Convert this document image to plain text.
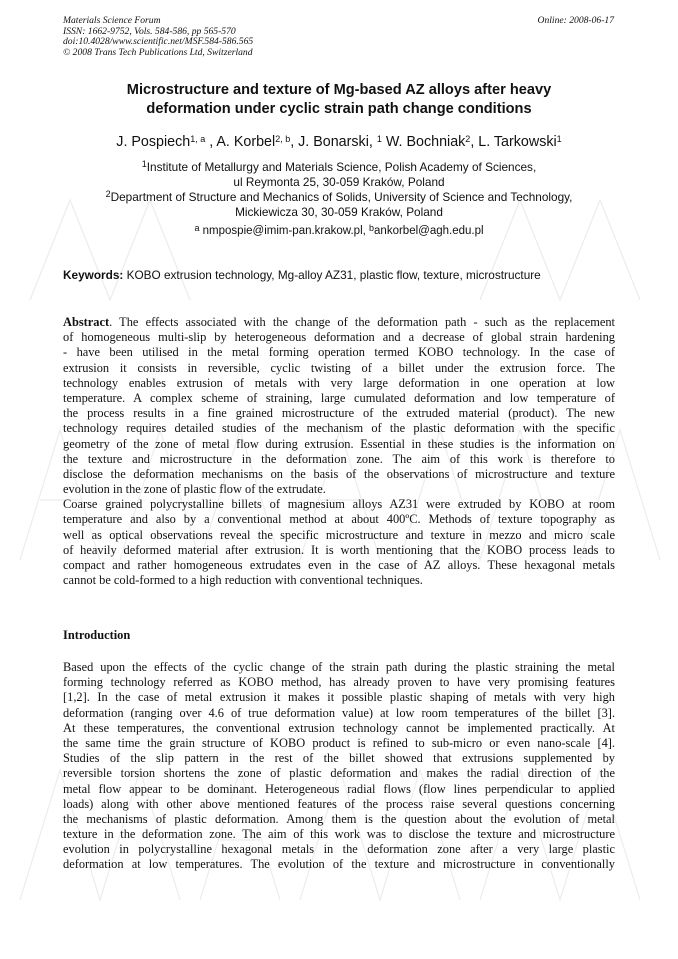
Materials Science Forum
ISSN: 1662-9752, Vols. 584-586, pp 565-570
doi:10.4028/www.scientific.net/MSF.584-586.565
© 2008 Trans Tech Publications Ltd, Switzerland
Online: 2008-06-17
Microstructure and texture of Mg-based AZ alloys after heavy
deformation under cyclic strain path change conditions
J. Pospiech$^{1, a}$ , A. Korbel$^{2, b}$, J. Bonarski, $^1$ W. Bochniak$^2$, L. Tarkowski$^1$
$^1$Institute of Metallurgy and Materials Science, Polish Academy of Sciences,
ul Reymonta 25, 30-059 Kraków, Poland
$^2$Department of Structure and Mechanics of Solids, University of Science and Technology,
Mickiewicza 30, 30-059 Kraków, Poland
$^a$ nmpospie@imim-pan.krakow.pl, $^b$ankorbel@agh.edu.pl
Keywords: KOBO extrusion technology, Mg-alloy AZ31, plastic flow, texture, microstructure
Abstract. The effects associated with the change of the deformation path - such as the replacement
of homogeneous multi-slip by heterogeneous deformation and a decrease of global strain hardening
- have been utilised in the metal forming operation termed KOBO technology. In the case of
extrusion it consists in reversible, cyclic twisting of a billet under the extrusion force. The
technology enables extrusion of metals with very large deformation in one operation at low
temperature. A complex scheme of straining, large cumulated deformation and low temperature of
the process results in a fine grained microstructure of the extruded material (product). The new
technology requires detailed studies of the mechanism of the plastic deformation with the specific
geometry of the zone of metal flow during extrusion. Essential in these studies is the information on
the texture and microstructure in the deformation zone. The aim of this work is therefore to
disclose the deformation mechanisms on the basis of the observations of microstructure and texture
evolution in the zone of plastic flow of the extrudate.
Coarse grained polycrystalline billets of magnesium alloys AZ31 were extruded by KOBO at room
temperature and also by a conventional method at about 400ºC. Methods of texture topography as
well as optical observations reveal the specific microstructure and texture in mezzo and micro scale
of heavily deformed material after extrusion. It is worth mentioning that the KOBO process leads to
compact and rather homogeneous extrudates even in the case of AZ alloys. These hexagonal metals
cannot be cold-formed to a high reduction with conventional techniques.
Introduction
Based upon the effects of the cyclic change of the strain path during the plastic straining the metal
forming technology referred as KOBO method, has already proven to have very promising features
[1,2]. In the case of metal extrusion it makes it possible plastic shaping of metals with very high
deformation (ranging over 4.6 of true deformation value) at low room temperatures of the billet [3].
At these temperatures, the conventional extrusion technology cannot be implemented practically. At
the same time the grain structure of KOBO product is refined to sub-micro or even nano-scale [4].
Studies of the slip pattern in the rest of the billet showed that extrusions supplemented by
reversible torsion shortens the zone of plastic deformation and makes the radial direction of the
metal flow appear to be dominant. Heterogeneous radial flows (flow lines perpendicular to applied
loads) along with other above mentioned features of the process raise several questions concerning
the mechanisms of plastic deformation. Among them is the question about the evolution of metal
texture in the deformation zone. The aim of this work was to disclose the texture and microstructure
evolution in polycrystalline hexagonal metals in the deformation zone after a very large plastic
deformation at low temperatures. The evolution of the texture and microstructure in conventionally
